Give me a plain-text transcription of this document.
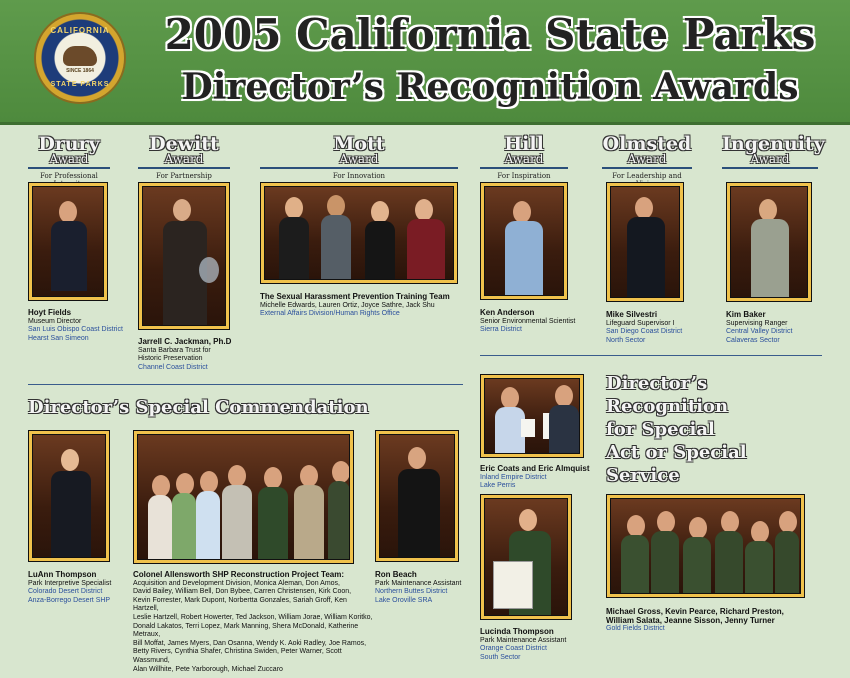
CALIFORNIA
SINCE 1864
STATE PARKS
2005 California State Parks
Director’s Recognition Awards
Drury
Award
For Professional
Dewitt
Award
For Partnership
Mott
Award
For Innovation
Hill
Award
For Inspiration
Olmsted
Award
For Leadership and
Ingenuity
Award
Hoyt Fields
Museum Director
San Luis Obispo Coast District
Hearst San Simeon	Jarrell C. Jackman, Ph.D
Santa Barbara Trust for
Historic Preservation
Channel Coast District
The Sexual Harassment Prevention Training Team
Michelle Edwards, Lauren Ortiz, Joyce Sathre, Jack Shu
External Affairs Division/Human Rights Office	Ken Anderson
Senior Environmental Scientist
Sierra District
Mike Silvestri
Lifeguard Supervisor I
San Diego Coast District
North Sector
Kim Baker
Supervising Ranger
Central Valley District
Calaveras Sector
Director’s Special Commendation
Director’s
Recognition
for Special
Act or Special
Service
LuAnn Thompson
Park Interpretive Specialist
Colorado Desert District
Anza-Borrego Desert SHP
Colonel Allensworth SHP Reconstruction Project Team:
Acquisition and Development Division, Monica Aleman, Don Amos,
David Bailey, William Bell, Don Bybee, Carren Christensen, Kirk Coon,
Kevin Forrester, Mark Dupont, Norbertta Gonzales, Sariah Groff, Ken Hartzell,
Leslie Hartzell, Robert Howerter, Ted Jackson, William Jorae, William Koritko,
Donald Lakatos, Terri Lopez, Mark Manning, Shera McDonald, Katherine Metraux,
Bill Moffat, James Myers, Dan Osanna, Wendy K. Aoki Radley, Joe Ramos,
Betty Rivers, Cynthia Shafer, Christina Swiden, Peter Warner, Scott Wassmund,
Alan Willhite, Pete Yarborough, Michael Zuccaro
Ron Beach
Park Maintenance Assistant
Northern Buttes District
Lake Oroville SRA
Eric Coats and Eric Almquist
Inland Empire District
Lake Perris
Lucinda Thompson
Park Maintenance Assistant
Orange Coast District
South Sector
Michael Gross, Kevin Pearce, Richard Preston,
William Salata, Jeanne Sisson, Jenny Turner
Gold Fields District
